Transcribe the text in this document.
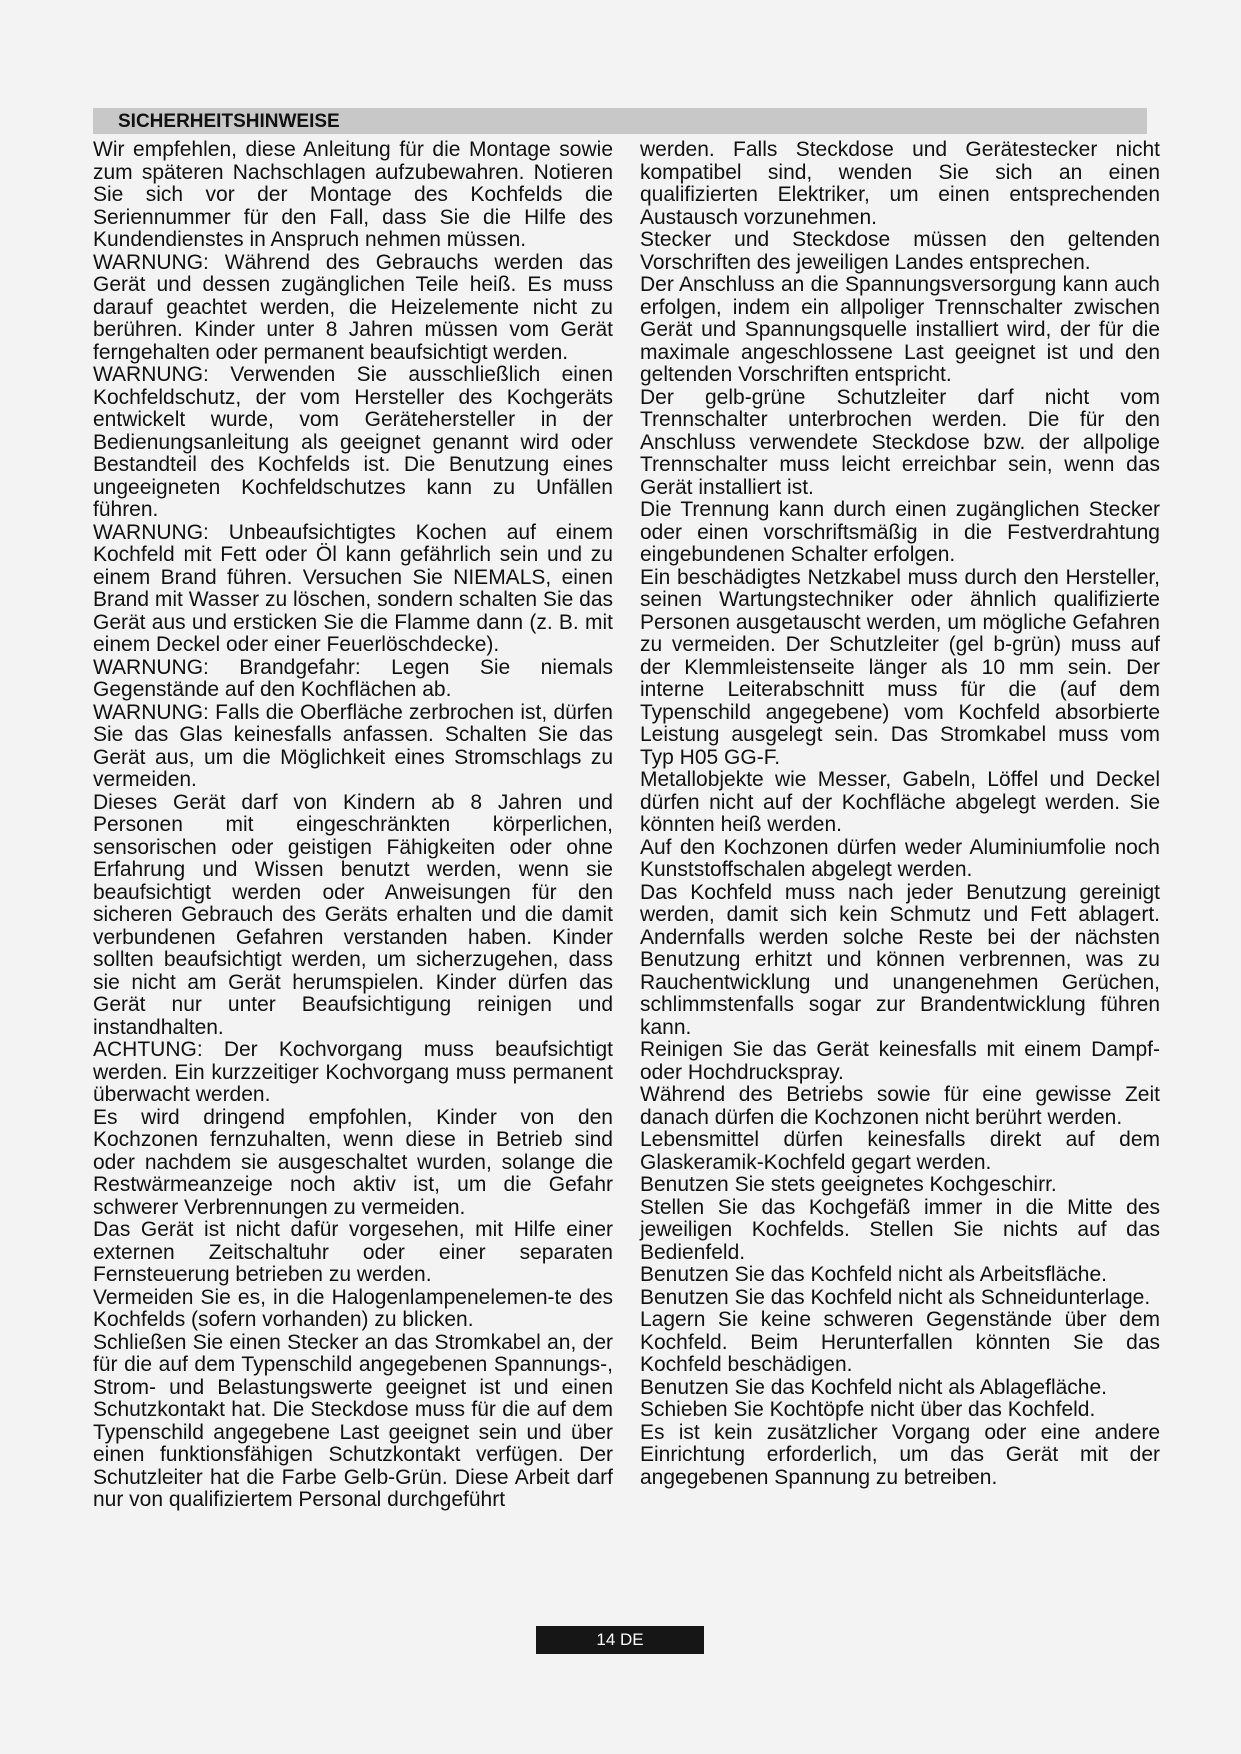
SICHERHEITSHINWEISE

Wir empfehlen, diese Anleitung für die Montage sowie zum späteren Nachschlagen aufzubewahren. Notieren Sie sich vor der Montage des Kochfelds die Seriennummer für den Fall, dass Sie die Hilfe des Kundendienstes in Anspruch nehmen müssen.

WARNUNG: Während des Gebrauchs werden das Gerät und dessen zugänglichen Teile heiß. Es muss darauf geachtet werden, die Heizelemente nicht zu berühren. Kinder unter 8 Jahren müssen vom Gerät ferngehalten oder permanent beaufsichtigt werden.

WARNUNG: Verwenden Sie ausschließlich einen Kochfeldschutz, der vom Hersteller des Kochgeräts entwickelt wurde, vom Gerätehersteller in der Bedienungsanleitung als geeignet genannt wird oder Bestandteil des Kochfelds ist. Die Benutzung eines ungeeigneten Kochfeldschutzes kann zu Unfällen führen.

WARNUNG: Unbeaufsichtigtes Kochen auf einem Kochfeld mit Fett oder Öl kann gefährlich sein und zu einem Brand führen. Versuchen Sie NIEMALS, einen Brand mit Wasser zu löschen, sondern schalten Sie das Gerät aus und ersticken Sie die Flamme dann (z. B. mit einem Deckel oder einer Feuerlöschdecke).

WARNUNG: Brandgefahr: Legen Sie niemals Gegenstände auf den Kochflächen ab.

WARNUNG: Falls die Oberfläche zerbrochen ist, dürfen Sie das Glas keinesfalls anfassen. Schalten Sie das Gerät aus, um die Möglichkeit eines Stromschlags zu vermeiden.

Dieses Gerät darf von Kindern ab 8 Jahren und Personen mit eingeschränkten körperlichen, sensorischen oder geistigen Fähigkeiten oder ohne Erfahrung und Wissen benutzt werden, wenn sie beaufsichtigt werden oder Anweisungen für den sicheren Gebrauch des Geräts erhalten und die damit verbundenen Gefahren verstanden haben. Kinder sollten beaufsichtigt werden, um sicherzugehen, dass sie nicht am Gerät herumspielen. Kinder dürfen das Gerät nur unter Beaufsichtigung reinigen und instandhalten.

ACHTUNG: Der Kochvorgang muss beaufsichtigt werden. Ein kurzzeitiger Kochvorgang muss permanent überwacht werden.

Es wird dringend empfohlen, Kinder von den Kochzonen fernzuhalten, wenn diese in Betrieb sind oder nachdem sie ausgeschaltet wurden, solange die Restwärmeanzeige noch aktiv ist, um die Gefahr schwerer Verbrennungen zu vermeiden.

Das Gerät ist nicht dafür vorgesehen, mit Hilfe einer externen Zeitschaltuhr oder einer separaten Fernsteuerung betrieben zu werden.

Vermeiden Sie es, in die Halogenlampenelemen-te des Kochfelds (sofern vorhanden) zu blicken.

Schließen Sie einen Stecker an das Stromkabel an, der für die auf dem Typenschild angegebenen Spannungs-, Strom- und Belastungswerte geeignet ist und einen Schutzkontakt hat. Die Steckdose muss für die auf dem Typenschild angegebene Last geeignet sein und über einen funktionsfähigen Schutzkontakt verfügen. Der Schutzleiter hat die Farbe Gelb-Grün. Diese Arbeit darf nur von qualifiziertem Personal durchgeführt

werden. Falls Steckdose und Gerätestecker nicht kompatibel sind, wenden Sie sich an einen qualifizierten Elektriker, um einen entsprechenden Austausch vorzunehmen.

Stecker und Steckdose müssen den geltenden Vorschriften des jeweiligen Landes entsprechen.

Der Anschluss an die Spannungsversorgung kann auch erfolgen, indem ein allpoliger Trennschalter zwischen Gerät und Spannungsquelle installiert wird, der für die maximale angeschlossene Last geeignet ist und den geltenden Vorschriften entspricht.

Der gelb-grüne Schutzleiter darf nicht vom Trennschalter unterbrochen werden. Die für den Anschluss verwendete Steckdose bzw. der allpolige Trennschalter muss leicht erreichbar sein, wenn das Gerät installiert ist.

Die Trennung kann durch einen zugänglichen Stecker oder einen vorschriftsmäßig in die Festverdrahtung eingebundenen Schalter erfolgen.

Ein beschädigtes Netzkabel muss durch den Hersteller, seinen Wartungstechniker oder ähnlich qualifizierte Personen ausgetauscht werden, um mögliche Gefahren zu vermeiden. Der Schutzleiter (gel b-grün) muss auf der Klemmleistenseite länger als 10 mm sein. Der interne Leiterabschnitt muss für die (auf dem Typenschild angegebene) vom Kochfeld absorbierte Leistung ausgelegt sein. Das Stromkabel muss vom Typ H05 GG-F.

Metallobjekte wie Messer, Gabeln, Löffel und Deckel dürfen nicht auf der Kochfläche abgelegt werden. Sie könnten heiß werden.

Auf den Kochzonen dürfen weder Aluminiumfolie noch Kunststoffschalen abgelegt werden.

Das Kochfeld muss nach jeder Benutzung gereinigt werden, damit sich kein Schmutz und Fett ablagert. Andernfalls werden solche Reste bei der nächsten Benutzung erhitzt und können verbrennen, was zu Rauchentwicklung und unangenehmen Gerüchen, schlimmstenfalls sogar zur Brandentwicklung führen kann.

Reinigen Sie das Gerät keinesfalls mit einem Dampf- oder Hochdruckspray.

Während des Betriebs sowie für eine gewisse Zeit danach dürfen die Kochzonen nicht berührt werden.

Lebensmittel dürfen keinesfalls direkt auf dem Glaskeramik-Kochfeld gegart werden.

Benutzen Sie stets geeignetes Kochgeschirr.

Stellen Sie das Kochgefäß immer in die Mitte des jeweiligen Kochfelds. Stellen Sie nichts auf das Bedienfeld.

Benutzen Sie das Kochfeld nicht als Arbeitsfläche.

Benutzen Sie das Kochfeld nicht als Schneidunterlage.

Lagern Sie keine schweren Gegenstände über dem Kochfeld. Beim Herunterfallen könnten Sie das Kochfeld beschädigen.

Benutzen Sie das Kochfeld nicht als Ablagefläche.

Schieben Sie Kochtöpfe nicht über das Kochfeld.

Es ist kein zusätzlicher Vorgang oder eine andere Einrichtung erforderlich, um das Gerät mit der angegebenen Spannung zu betreiben.

14 DE
